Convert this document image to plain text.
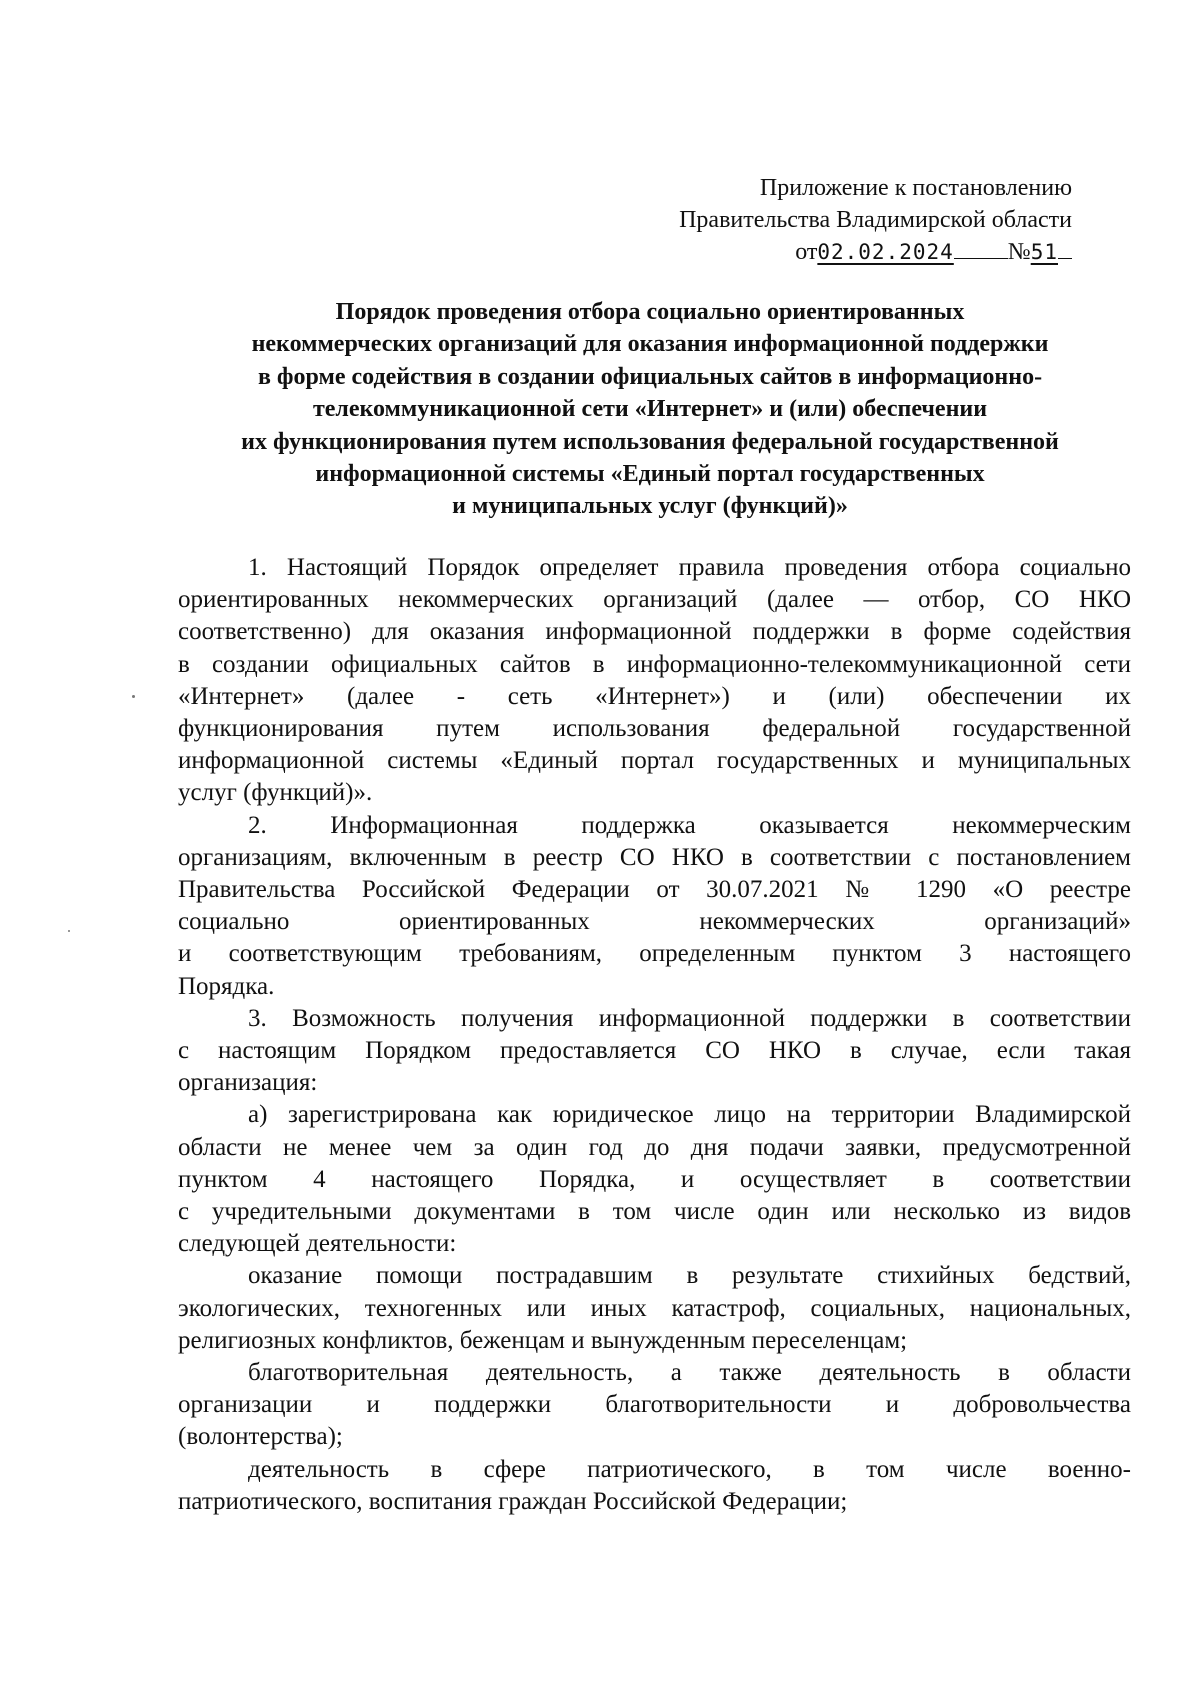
Приложение к постановлению
Правительства Владимирской области
от02.02.2024 №51
Порядок проведения отбора социально ориентированных
некоммерческих организаций для оказания информационной поддержки
в форме содействия в создании официальных сайтов в информационно-
телекоммуникационной сети «Интернет» и (или) обеспечении
их функционирования путем использования федеральной государственной
информационной системы «Единый портал государственных
и муниципальных услуг (функций)»
1. Настоящий Порядок определяет правила проведения отбора социально
ориентированных некоммерческих организаций (далее — отбор, СО НКО
соответственно) для оказания информационной поддержки в форме содействия
в создании официальных сайтов в информационно-телекоммуникационной сети
«Интернет» (далее - сеть «Интернет») и (или) обеспечении их
функционирования путем использования федеральной государственной
информационной системы «Единый портал государственных и муниципальных
услуг (функций)».
2. Информационная поддержка оказывается некоммерческим
организациям, включенным в реестр СО НКО в соответствии с постановлением
Правительства Российской Федерации от 30.07.2021 № 1290 «О реестре
социально ориентированных некоммерческих организаций»
и соответствующим требованиям, определенным пунктом 3 настоящего
Порядка.
3. Возможность получения информационной поддержки в соответствии
с настоящим Порядком предоставляется СО НКО в случае, если такая
организация:
а) зарегистрирована как юридическое лицо на территории Владимирской
области не менее чем за один год до дня подачи заявки, предусмотренной
пунктом 4 настоящего Порядка, и осуществляет в соответствии
с учредительными документами в том числе один или несколько из видов
следующей деятельности:
оказание помощи пострадавшим в результате стихийных бедствий,
экологических, техногенных или иных катастроф, социальных, национальных,
религиозных конфликтов, беженцам и вынужденным переселенцам;
благотворительная деятельность, а также деятельность в области
организации и поддержки благотворительности и добровольчества
(волонтерства);
деятельность в сфере патриотического, в том числе военно-
патриотического, воспитания граждан Российской Федерации;
